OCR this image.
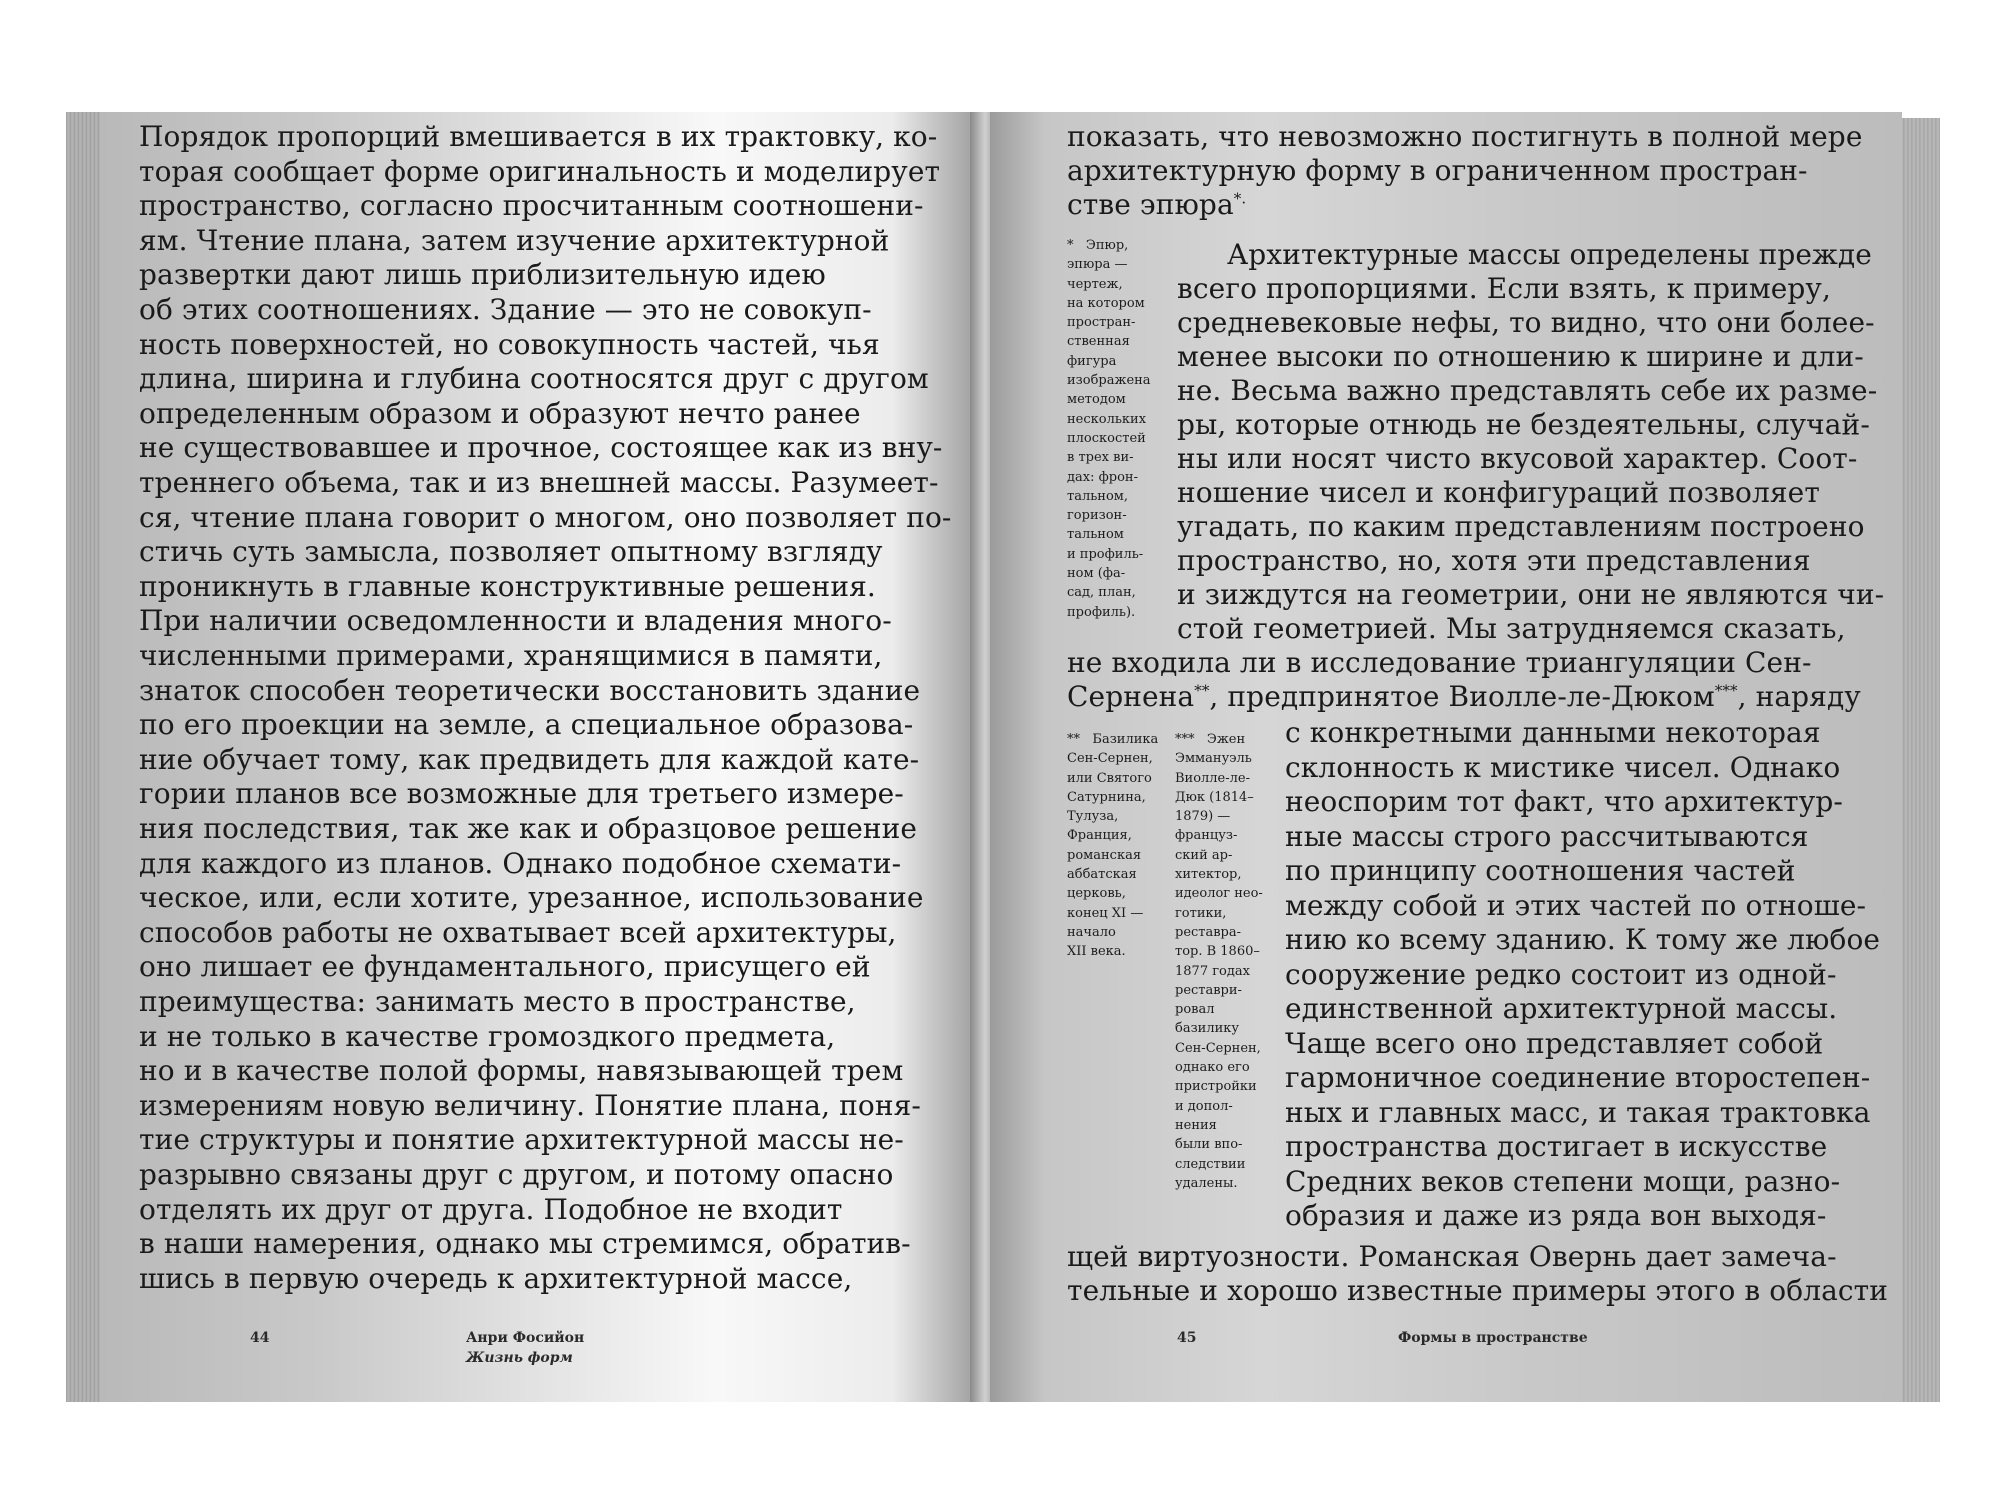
Порядок пропорций вмешивается в их трактовку, ко-
торая сообщает форме оригинальность и моделирует
пространство, согласно просчитанным соотношени-
ям. Чтение плана, затем изучение архитектурной
развертки дают лишь приблизительную идею
об этих соотношениях. Здание — это не совокуп-
ность поверхностей, но совокупность частей, чья
длина, ширина и глубина соотносятся друг с другом
определенным образом и образуют нечто ранее
не существовавшее и прочное, состоящее как из вну-
треннего объема, так и из внешней массы. Разумеет-
ся, чтение плана говорит о многом, оно позволяет по-
стичь суть замысла, позволяет опытному взгляду
проникнуть в главные конструктивные решения.
При наличии осведомленности и владения много-
численными примерами, хранящимися в памяти,
знаток способен теоретически восстановить здание
по его проекции на земле, а специальное образова-
ние обучает тому, как предвидеть для каждой кате-
гории планов все возможные для третьего измере-
ния последствия, так же как и образцовое решение
для каждого из планов. Однако подобное схемати-
ческое, или, если хотите, урезанное, использование
способов работы не охватывает всей архитектуры,
оно лишает ее фундаментального, присущего ей
преимущества: занимать место в пространстве,
и не только в качестве громоздкого предмета,
но и в качестве полой формы, навязывающей трем
измерениям новую величину. Понятие плана, поня-
тие структуры и понятие архитектурной массы не-
разрывно связаны друг с другом, и потому опасно
отделять их друг от друга. Подобное не входит
в наши намерения, однако мы стремимся, обратив-
шись в первую очередь к архитектурной массе,
44	Анри Фосийон
Жизнь форм
показать, что невозможно постигнуть в полной мере
архитектурную форму в ограниченном простран-
стве эпюра*.
не входила ли в исследование триангуляции Сен-
Сернена**, предпринятое Виолле-ле-Дюком***, наряду
щей виртуозности. Романская Овернь дает замеча-
тельные и хорошо известные примеры этого в области
*   Эпюр,
эпюра —
чертеж,
на котором
простран-
ственная
фигура
изображена
методом
нескольких
плоскостей
в трех ви-
дах: фрон-
тальном,
горизон-
тальном
и профиль-
ном (фа-
сад, план,
профиль).
**   Базилика
Сен-Сернен,
или Святого
Сатурнина,
Тулуза,
Франция,
романская
аббатская
церковь,
конец XI —
начало
XII века.
***   Эжен
Эммануэль
Виолле-ле-
Дюк (1814–
1879) —
француз-
ский ар-
хитектор,
идеолог нео-
готики,
реставра-
тор. В 1860–
1877 годах
реставри-
ровал
базилику
Сен-Сернен,
однако его
пристройки
и допол-
нения
были впо-
следствии
удалены.
45	Формы в пространстве
Архитектурные массы определены прежде
всего пропорциями. Если взять, к примеру,
средневековые нефы, то видно, что они более-
менее высоки по отношению к ширине и дли-
не. Весьма важно представлять себе их разме-
ры, которые отнюдь не бездеятельны, случай-
ны или носят чисто вкусовой характер. Соот-
ношение чисел и конфигураций позволяет
угадать, по каким представлениям построено
пространство, но, хотя эти представления
и зиждутся на геометрии, они не являются чи-
стой геометрией. Мы затрудняемся сказать,
с конкретными данными некоторая
склонность к мистике чисел. Однако
неоспорим тот факт, что архитектур-
ные массы строго рассчитываются
по принципу соотношения частей
между собой и этих частей по отноше-
нию ко всему зданию. К тому же любое
сооружение редко состоит из одной-
единственной архитектурной массы.
Чаще всего оно представляет собой
гармоничное соединение второстепен-
ных и главных масс, и такая трактовка
пространства достигает в искусстве
Средних веков степени мощи, разно-
образия и даже из ряда вон выходя-
